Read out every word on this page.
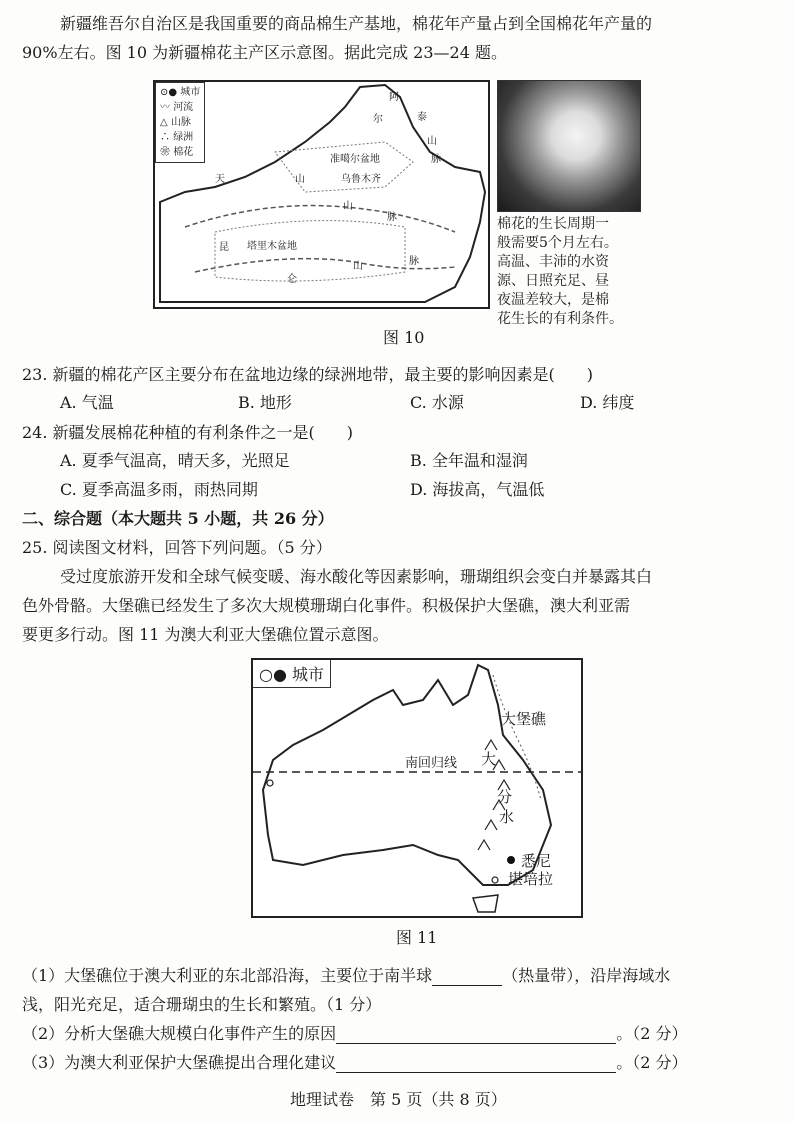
新疆维吾尔自治区是我国重要的商品棉生产基地，棉花年产量占到全国棉花年产量的
90%左右。图 10 为新疆棉花主产区示意图。据此完成 23—24 题。
⊙● 城市
〰 河流
△ 山脉
∴ 绿洲
❀ 棉花
阿
尔	泰
山
脉
准噶尔盆地
乌鲁木齐
天	山
山
脉
塔里木盆地
昆
仑
山	脉
棉花的生长周期一
般需要5个月左右。
高温、丰沛的水资
源、日照充足、昼
夜温差较大，是棉
花生长的有利条件。
图 10
23. 新疆的棉花产区主要分布在盆地边缘的绿洲地带，最主要的影响因素是(　　)
A. 气温	B. 地形	C. 水源	D. 纬度
24. 新疆发展棉花种植的有利条件之一是(　　)
A. 夏季气温高，晴天多，光照足	B. 全年温和湿润
C. 夏季高温多雨，雨热同期	D. 海拔高，气温低
二、综合题（本大题共 5 小题，共 26 分）
25. 阅读图文材料，回答下列问题。（5 分）
受过度旅游开发和全球气候变暖、海水酸化等因素影响，珊瑚组织会变白并暴露其白
色外骨骼。大堡礁已经发生了多次大规模珊瑚白化事件。积极保护大堡礁，澳大利亚需
要更多行动。图 11 为澳大利亚大堡礁位置示意图。
○● 城市
大堡礁
南回归线 大
分
水
悉尼
堪培拉
图 11
（1）大堡礁位于澳大利亚的东北部沿海，主要位于南半球	（热量带），沿岸海域水
浅，阳光充足，适合珊瑚虫的生长和繁殖。（1 分）
（2）分析大堡礁大规模白化事件产生的原因	。（2 分）
（3）为澳大利亚保护大堡礁提出合理化建议	。（2 分）
地理试卷　第 5 页（共 8 页）
